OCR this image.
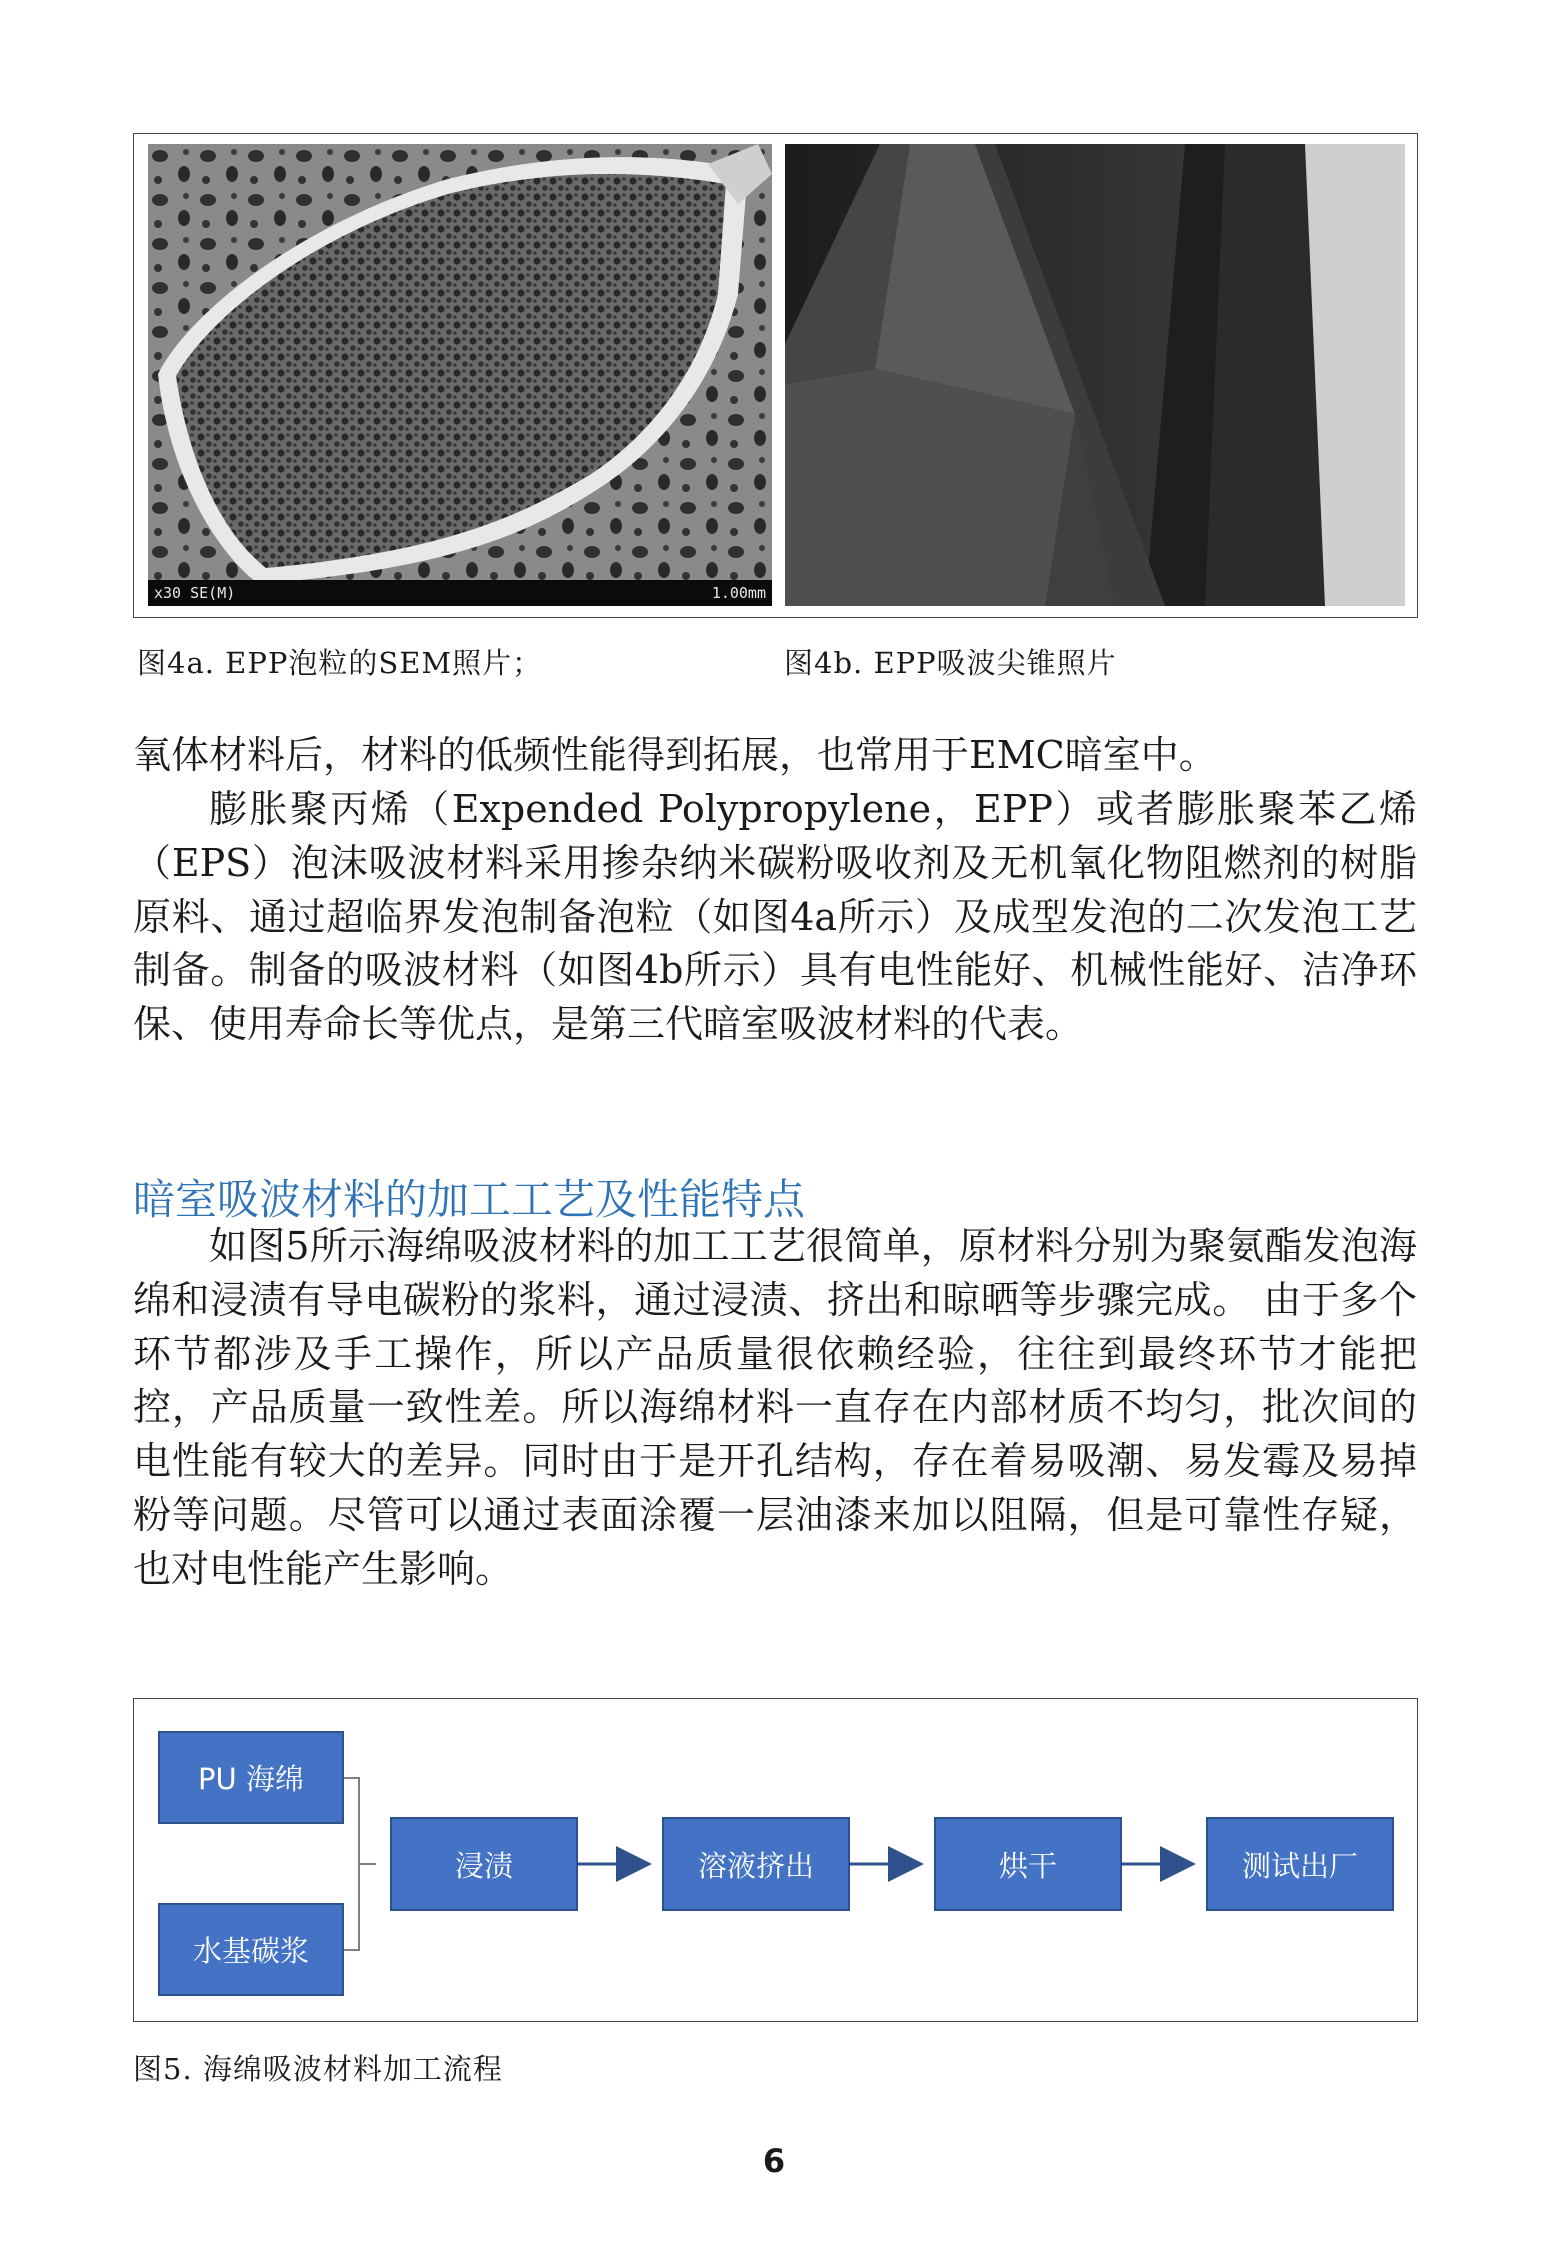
x30 SE(M)	1.00mm
图4a. EPP泡粒的SEM照片；	图4b. EPP吸波尖锥照片

氧体材料后，材料的低频性能得到拓展，也常用于EMC暗室中。

膨胀聚丙烯（Expended Polypropylene，EPP）或者膨胀聚苯乙烯（EPS）泡沫吸波材料采用掺杂纳米碳粉吸收剂及无机氧化物阻燃剂的树脂原料、通过超临界发泡制备泡粒（如图4a所示）及成型发泡的二次发泡工艺制备。制备的吸波材料（如图4b所示）具有电性能好、机械性能好、洁净环保、使用寿命长等优点，是第三代暗室吸波材料的代表。

暗室吸波材料的加工工艺及性能特点

如图5所示海绵吸波材料的加工工艺很简单，原材料分别为聚氨酯发泡海绵和浸渍有导电碳粉的浆料，通过浸渍、挤出和晾晒等步骤完成。 由于多个环节都涉及手工操作，所以产品质量很依赖经验，往往到最终环节才能把控，产品质量一致性差。所以海绵材料一直存在内部材质不均匀，批次间的电性能有较大的差异。同时由于是开孔结构，存在着易吸潮、易发霉及易掉粉等问题。尽管可以通过表面涂覆一层油漆来加以阻隔，但是可靠性存疑，也对电性能产生影响。

PU 海绵
水基碳浆
浸渍	溶液挤出	烘干	测试出厂
图5. 海绵吸波材料加工流程
6
